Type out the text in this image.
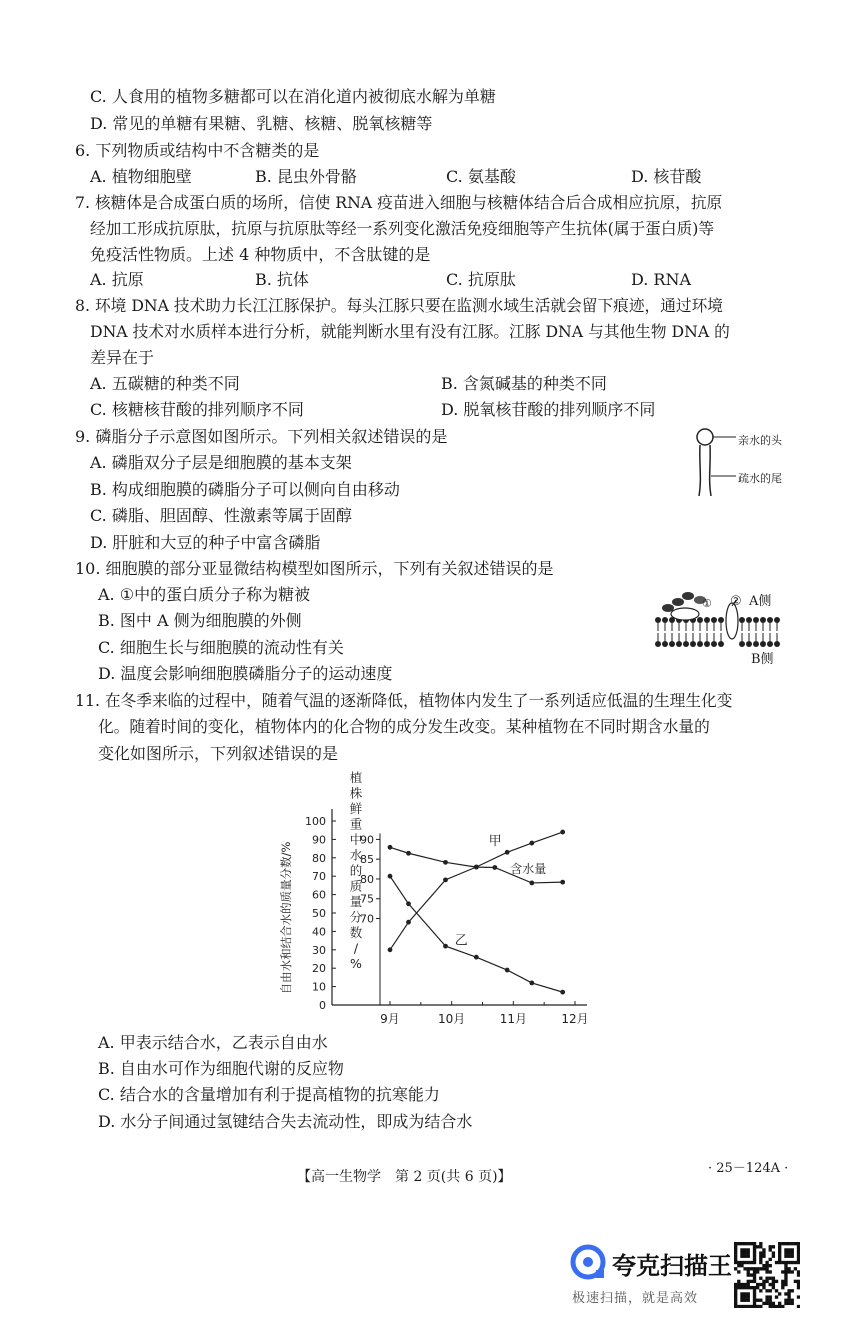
C. 人食用的植物多糖都可以在消化道内被彻底水解为单糖
D. 常见的单糖有果糖、乳糖、核糖、脱氧核糖等
6. 下列物质或结构中不含糖类的是
A. 植物细胞壁	B. 昆虫外骨骼	C. 氨基酸	D. 核苷酸
7. 核糖体是合成蛋白质的场所，信使 RNA 疫苗进入细胞与核糖体结合后合成相应抗原，抗原
经加工形成抗原肽，抗原与抗原肽等经一系列变化激活免疫细胞等产生抗体(属于蛋白质)等
免疫活性物质。上述 4 种物质中，不含肽键的是
A. 抗原	B. 抗体	C. 抗原肽	D. RNA
8. 环境 DNA 技术助力长江江豚保护。每头江豚只要在监测水域生活就会留下痕迹，通过环境
DNA 技术对水质样本进行分析，就能判断水里有没有江豚。江豚 DNA 与其他生物 DNA 的
差异在于
A. 五碳糖的种类不同	B. 含氮碱基的种类不同
C. 核糖核苷酸的排列顺序不同	D. 脱氧核苷酸的排列顺序不同
9. 磷脂分子示意图如图所示。下列相关叙述错误的是
A. 磷脂双分子层是细胞膜的基本支架
B. 构成细胞膜的磷脂分子可以侧向自由移动
C. 磷脂、胆固醇、性激素等属于固醇
D. 肝脏和大豆的种子中富含磷脂
亲水的头
疏水的尾
10. 细胞膜的部分亚显微结构模型如图所示，下列有关叙述错误的是
A. ①中的蛋白质分子称为糖被
B. 图中 A 侧为细胞膜的外侧
C. 细胞生长与细胞膜的流动性有关
D. 温度会影响细胞膜磷脂分子的运动速度
① ② A侧
B侧
11. 在冬季来临的过程中，随着气温的逐渐降低，植物体内发生了一系列适应低温的生理生化变
化。随着时间的变化，植物体内的化合物的成分发生改变。某种植物在不同时期含水量的
变化如图所示，下列叙述错误的是
100
90
80
70
60
50
40
30
20
10
0
90
85
80
75
70
9月	10月	11月	12月
自由水和结合水的质量分数/%
植株鲜重中水的质量分数/ %
甲
乙
含水量
A. 甲表示结合水，乙表示自由水
B. 自由水可作为细胞代谢的反应物
C. 结合水的含量增加有利于提高植物的抗寒能力
D. 水分子间通过氢键结合失去流动性，即成为结合水
【高一生物学　第 2 页(共 6 页)】
· 25－124A ·
夸克扫描王
极速扫描，就是高效
